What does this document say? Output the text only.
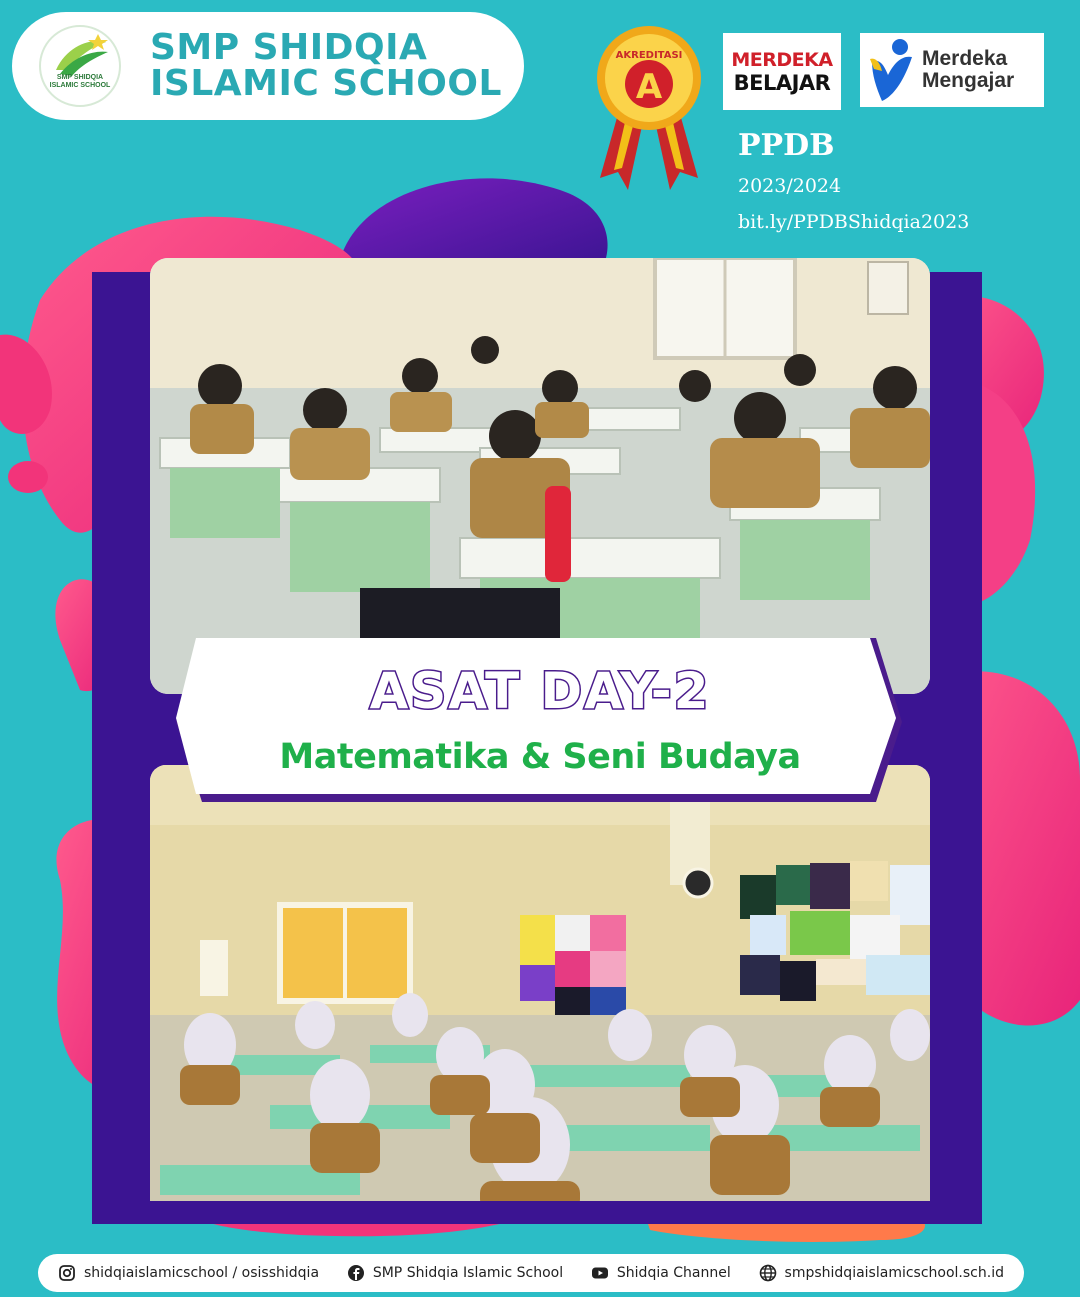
SMP SHIDQIA
ISLAMIC SCHOOL
SMP SHIDQIA
ISLAMIC SCHOOL
AKREDITASI
A
MERDEKA
BELAJAR
Merdeka
Mengajar
PPDB
2023/2024
bit.ly/PPDBShidqia2023
ASAT DAY-2
Matematika & Seni Budaya
shidqiaislamicschool / osisshidqia	SMP Shidqia Islamic School	Shidqia Channel	smpshidqiaislamicschool.sch.id
